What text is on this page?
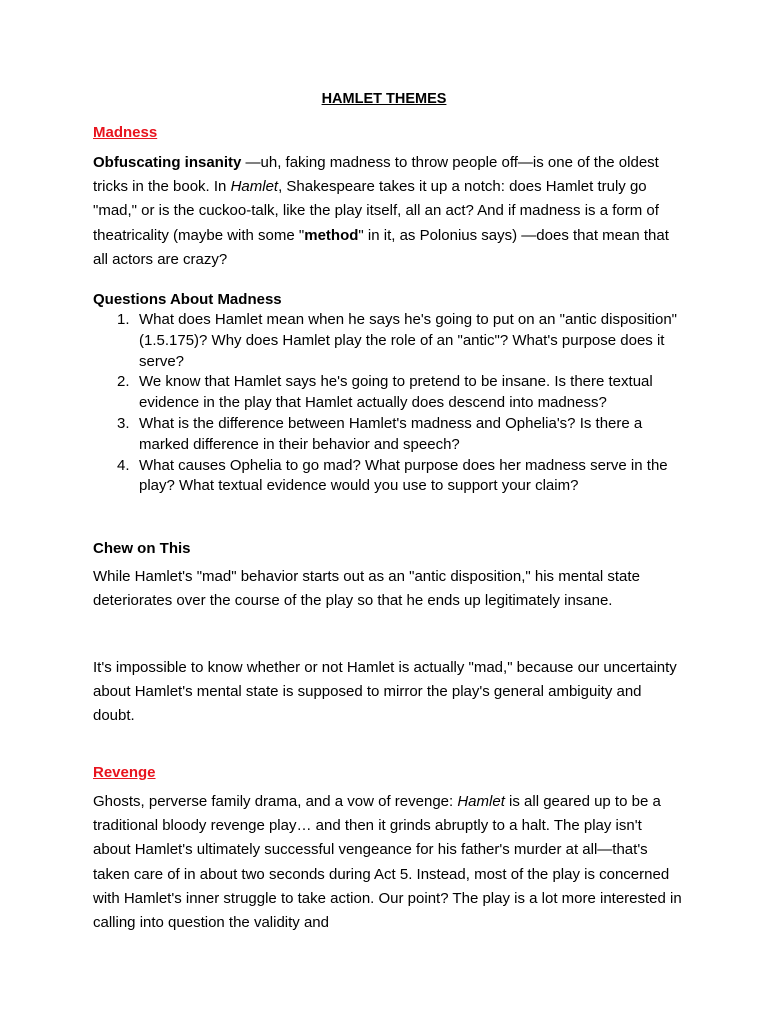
HAMLET THEMES
Madness

Obfuscating insanity —uh, faking madness to throw people off—is one of the oldest tricks in the book. In Hamlet, Shakespeare takes it up a notch: does Hamlet truly go "mad," or is the cuckoo-talk, like the play itself, all an act? And if madness is a form of theatricality (maybe with some "method" in it, as Polonius says) —does that mean that all actors are crazy?

Questions About Madness
1. What does Hamlet mean when he says he's going to put on an "antic disposition" (1.5.175)? Why does Hamlet play the role of an "antic"? What's purpose does it serve?
2. We know that Hamlet says he's going to pretend to be insane. Is there textual evidence in the play that Hamlet actually does descend into madness?
3. What is the difference between Hamlet's madness and Ophelia's? Is there a marked difference in their behavior and speech?
4. What causes Ophelia to go mad? What purpose does her madness serve in the play? What textual evidence would you use to support your claim?
Chew on This

While Hamlet's "mad" behavior starts out as an "antic disposition," his mental state deteriorates over the course of the play so that he ends up legitimately insane.

It's impossible to know whether or not Hamlet is actually "mad," because our uncertainty about Hamlet's mental state is supposed to mirror the play's general ambiguity and doubt.

Revenge

Ghosts, perverse family drama, and a vow of revenge: Hamlet is all geared up to be a traditional bloody revenge play… and then it grinds abruptly to a halt. The play isn't about Hamlet's ultimately successful vengeance for his father's murder at all—that's taken care of in about two seconds during Act 5. Instead, most of the play is concerned with Hamlet's inner struggle to take action. Our point? The play is a lot more interested in calling into question the validity and
